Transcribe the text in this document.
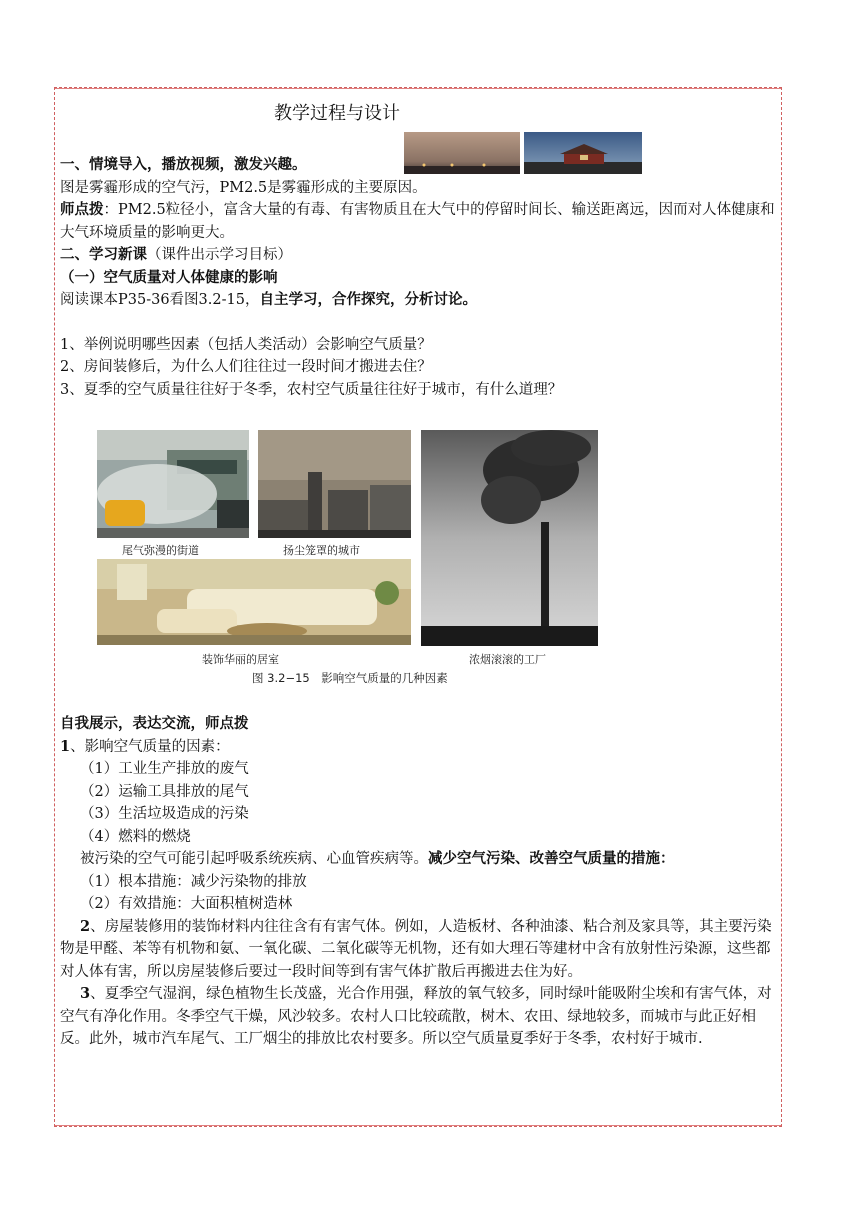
教学过程与设计

一、情境导入，播放视频，激发兴趣。

图是雾霾形成的空气污，PM2.5是雾霾形成的主要原因。

师点拨：PM2.5粒径小，富含大量的有毒、有害物质且在大气中的停留时间长、输送距离远，因而对人体健康和大气环境质量的影响更大。

二、学习新课（课件出示学习目标）

（一）空气质量对人体健康的影响

阅读课本P35-36看图3.2-15，自主学习，合作探究，分析讨论。

1、举例说明哪些因素（包括人类活动）会影响空气质量？

2、房间装修后，为什么人们往往过一段时间才搬进去住？

3、夏季的空气质量往往好于冬季，农村空气质量往往好于城市，有什么道理？

自我展示，表达交流，师点拨

1、影响空气质量的因素：

（1）工业生产排放的废气

（2）运输工具排放的尾气

（3）生活垃圾造成的污染

（4）燃料的燃烧

被污染的空气可能引起呼吸系统疾病、心血管疾病等。减少空气污染、改善空气质量的措施：

（1）根本措施：减少污染物的排放

（2）有效措施：大面积植树造林

2、房屋装修用的装饰材料内往往含有有害气体。例如，人造板材、各种油漆、粘合剂及家具等，其主要污染物是甲醛、苯等有机物和氨、一氧化碳、二氧化碳等无机物，还有如大理石等建材中含有放射性污染源，这些都对人体有害，所以房屋装修后要过一段时间等到有害气体扩散后再搬进去住为好。

3、夏季空气湿润，绿色植物生长茂盛，光合作用强，释放的氧气较多，同时绿叶能吸附尘埃和有害气体，对空气有净化作用。冬季空气干燥，风沙较多。农村人口比较疏散，树木、农田、绿地较多，而城市与此正好相反。此外，城市汽车尾气、工厂烟尘的排放比农村要多。所以空气质量夏季好于冬季，农村好于城市.

尾气弥漫的街道	扬尘笼罩的城市
装饰华丽的居室	浓烟滚滚的工厂
图 3.2−15　影响空气质量的几种因素
